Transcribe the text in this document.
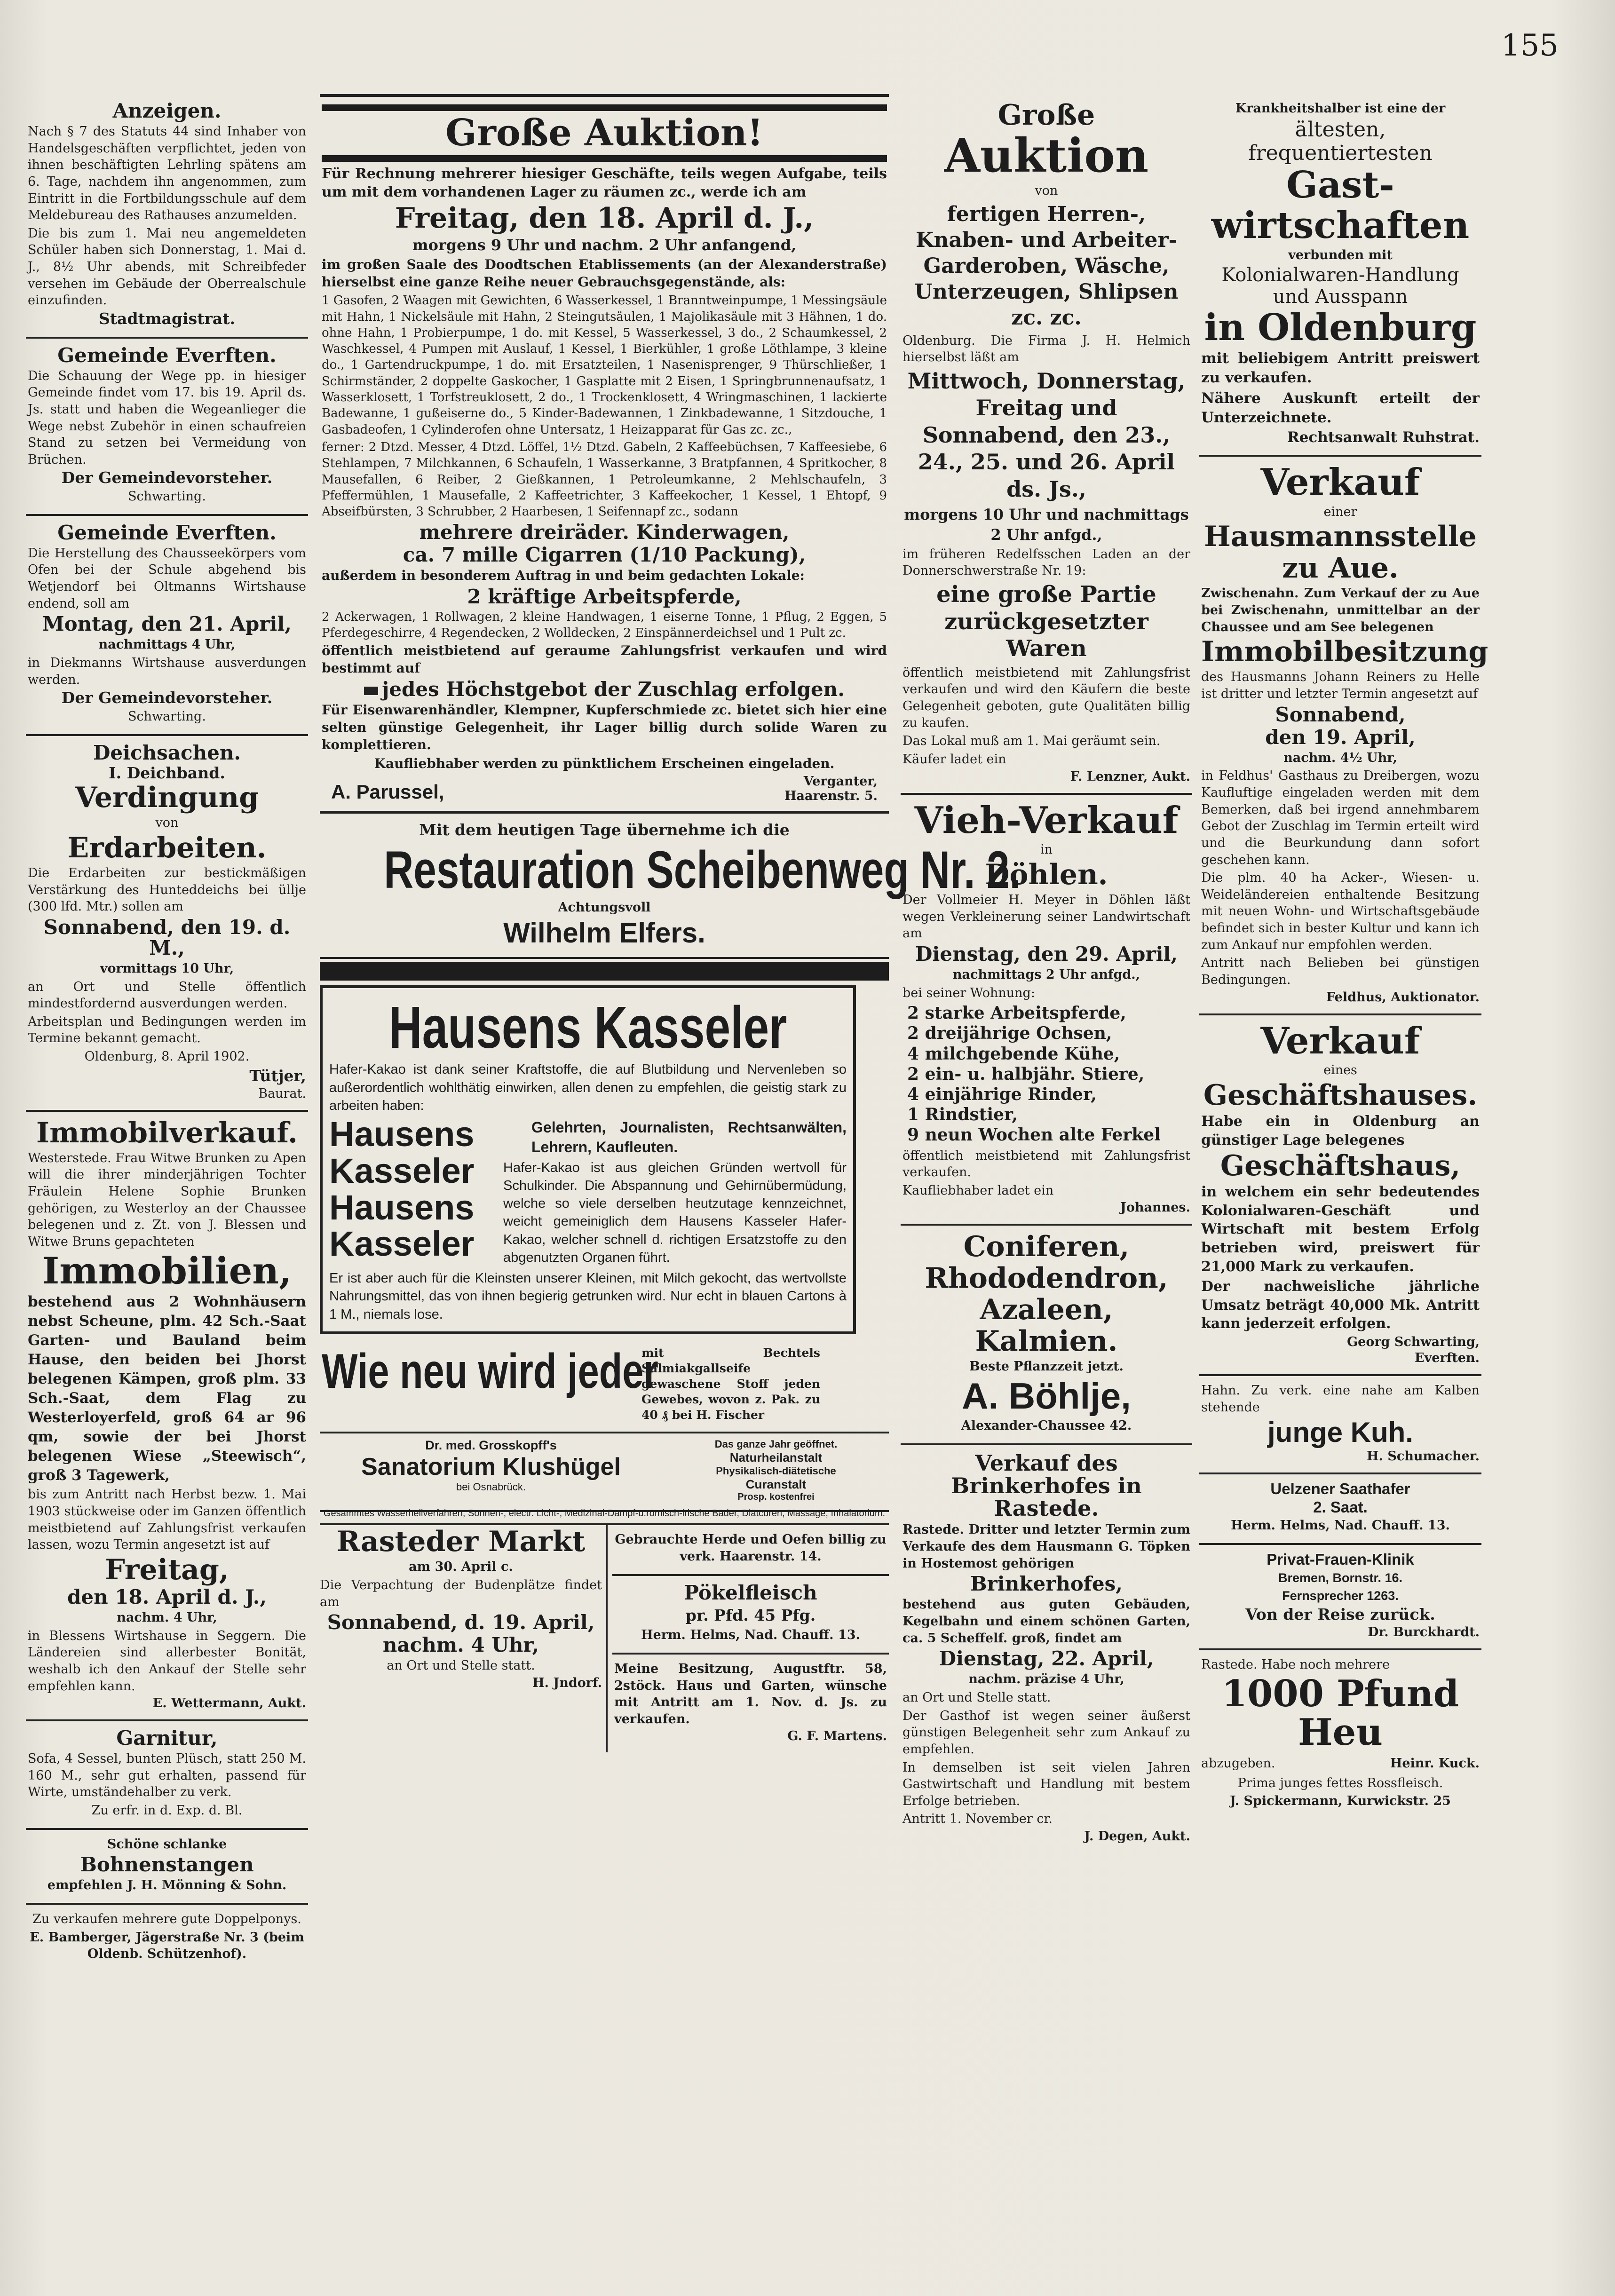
155
Anzeigen.

Nach § 7 des Statuts 44 sind Inhaber von Handelsgeschäften verpflichtet, jeden von ihnen beschäftigten Lehrling spätens am 6. Tage, nachdem ihn angenommen, zum Eintritt in die Fortbildungsschule auf dem Meldebureau des Rathauses anzumelden.

Die bis zum 1. Mai neu angemeldeten Schüler haben sich Donnerstag, 1. Mai d. J., 8½ Uhr abends, mit Schreibfeder versehen im Gebäude der Oberrealschule einzufinden.

Stadtmagistrat.
Gemeinde Everften.

Die Schauung der Wege pp. in hiesiger Gemeinde findet vom 17. bis 19. April ds. Js. statt und haben die Wegeanlieger die Wege nebst Zubehör in einen schaufreien Stand zu setzen bei Vermeidung von Brüchen.

Der Gemeindevorsteher.
Schwarting.
Gemeinde Everften.

Die Herstellung des Chausseekörpers vom Ofen bei der Schule abgehend bis Wetjendorf bei Oltmanns Wirtshause endend, soll am

Montag, den 21. April,
nachmittags 4 Uhr,

in Diekmanns Wirtshause ausverdungen werden.

Der Gemeindevorsteher.
Schwarting.
Deichsachen.
I. Deichband.
Verdingung
von
Erdarbeiten.

Die Erdarbeiten zur bestickmäßigen Verstärkung des Hunteddeichs bei üllje (300 lfd. Mtr.) sollen am

Sonnabend, den 19. d. M.,
vormittags 10 Uhr,

an Ort und Stelle öffentlich mindestfordernd ausverdungen werden.

Arbeitsplan und Bedingungen werden im Termine bekannt gemacht.

Oldenburg, 8. April 1902.
Tütjer,
Baurat.
Immobilverkauf.

Westerstede. Frau Witwe Brunken zu Apen will die ihrer minderjährigen Tochter Fräulein Helene Sophie Brunken gehörigen, zu Westerloy an der Chaussee belegenen und z. Zt. von J. Blessen und Witwe Bruns gepachteten

Immobilien,

bestehend aus 2 Wohnhäusern nebst Scheune, plm. 42 Sch.-Saat Garten- und Bauland beim Hause, den beiden bei Jhorst belegenen Kämpen, groß plm. 33 Sch.-Saat, dem Flag zu Westerloyerfeld, groß 64 ar 96 qm, sowie der bei Jhorst belegenen Wiese „Steewisch“, groß 3 Tagewerk,

bis zum Antritt nach Herbst bezw. 1. Mai 1903 stückweise oder im Ganzen öffentlich meistbietend auf Zahlungsfrist verkaufen lassen, wozu Termin angesetzt ist auf

Freitag,
den 18. April d. J.,
nachm. 4 Uhr,

in Blessens Wirtshause in Seggern. Die Ländereien sind allerbester Bonität, weshalb ich den Ankauf der Stelle sehr empfehlen kann.

E. Wettermann, Aukt.
Garnitur,

Sofa, 4 Sessel, bunten Plüsch, statt 250 M. 160 M., sehr gut erhalten, passend für Wirte, umständehalber zu verk.

Zu erfr. in d. Exp. d. Bl.
Schöne schlanke
Bohnenstangen
empfehlen J. H. Mönning & Sohn.
Zu verkaufen mehrere gute Doppelponys.
E. Bamberger, Jägerstraße Nr. 3 (beim Oldenb. Schützenhof).
Große Auktion!

Für Rechnung mehrerer hiesiger Geschäfte, teils wegen Aufgabe, teils um mit dem vorhandenen Lager zu räumen zc., werde ich am

Freitag, den 18. April d. J.,
morgens 9 Uhr und nachm. 2 Uhr anfangend,

im großen Saale des Doodtschen Etablissements (an der Alexanderstraße) hierselbst eine ganze Reihe neuer Gebrauchsgegenstände, als:

1 Gasofen, 2 Waagen mit Gewichten, 6 Wasserkessel, 1 Branntweinpumpe, 1 Messingsäule mit Hahn, 1 Nickelsäule mit Hahn, 2 Steingutsäulen, 1 Majolikasäule mit 3 Hähnen, 1 do. ohne Hahn, 1 Probierpumpe, 1 do. mit Kessel, 5 Wasserkessel, 3 do., 2 Schaumkessel, 2 Waschkessel, 4 Pumpen mit Auslauf, 1 Kessel, 1 Bierkühler, 1 große Löthlampe, 3 kleine do., 1 Gartendruckpumpe, 1 do. mit Ersatzteilen, 1 Nasenisprenger, 9 Thürschließer, 1 Schirmständer, 2 doppelte Gaskocher, 1 Gasplatte mit 2 Eisen, 1 Springbrunnenaufsatz, 1 Wasserklosett, 1 Torfstreuklosett, 2 do., 1 Trockenklosett, 4 Wringmaschinen, 1 lackierte Badewanne, 1 gußeiserne do., 5 Kinder-Badewannen, 1 Zinkbadewanne, 1 Sitzdouche, 1 Gasbadeofen, 1 Cylinderofen ohne Untersatz, 1 Heizapparat für Gas zc. zc.,

ferner: 2 Dtzd. Messer, 4 Dtzd. Löffel, 1½ Dtzd. Gabeln, 2 Kaffeebüchsen, 7 Kaffeesiebe, 6 Stehlampen, 7 Milchkannen, 6 Schaufeln, 1 Wasserkanne, 3 Bratpfannen, 4 Spritkocher, 8 Mausefallen, 6 Reiber, 2 Gießkannen, 1 Petroleumkanne, 2 Mehlschaufeln, 3 Pfeffermühlen, 1 Mausefalle, 2 Kaffeetrichter, 3 Kaffeekocher, 1 Kessel, 1 Ehtopf, 9 Abseifbürsten, 3 Schrubber, 2 Haarbesen, 1 Seifennapf zc., sodann

mehrere dreiräder. Kinderwagen,
ca. 7 mille Cigarren (1/10 Packung),

außerdem in besonderem Auftrag in und beim gedachten Lokale:

2 kräftige Arbeitspferde,

2 Ackerwagen, 1 Rollwagen, 2 kleine Handwagen, 1 eiserne Tonne, 1 Pflug, 2 Eggen, 5 Pferdegeschirre, 4 Regendecken, 2 Wolldecken, 2 Einspännerdeichsel und 1 Pult zc.

öffentlich meistbietend auf geraume Zahlungsfrist verkaufen und wird bestimmt auf

jedes Höchstgebot der Zuschlag erfolgen.

Für Eisenwarenhändler, Klempner, Kupferschmiede zc. bietet sich hier eine selten günstige Gelegenheit, ihr Lager billig durch solide Waren zu komplettieren.

Kaufliebhaber werden zu pünktlichem Erscheinen eingeladen.

A. Parussel,	Verganter,
Haarenstr. 5.
Mit dem heutigen Tage übernehme ich die
Restauration Scheibenweg Nr. 2.
Achtungsvoll
Wilhelm Elfers.
Hausens Kasseler

Hafer-Kakao ist dank seiner Kraftstoffe, die auf Blutbildung und Nervenleben so außerordentlich wohlthätig einwirken, allen denen zu empfehlen, die geistig stark zu arbeiten haben:

Hausens
Kasseler
Hausens
Kasseler

Gelehrten, Journalisten, Rechtsanwälten, Lehrern, Kaufleuten.

Hafer-Kakao ist aus gleichen Gründen wertvoll für Schulkinder. Die Abspannung und Gehirnübermüdung, welche so viele derselben heutzutage kennzeichnet, weicht gemeiniglich dem Hausens Kasseler Hafer-Kakao, welcher schnell d. richtigen Ersatzstoffe zu den abgenutzten Organen führt.

Er ist aber auch für die Kleinsten unserer Kleinen, mit Milch gekocht, das wertvollste Nahrungsmittel, das von ihnen begierig getrunken wird. Nur echt in blauen Cartons à 1 M., niemals lose.

Wie neu wird jeder

mit Bechtels Salmiakgallseife gewaschene Stoff jeden Gewebes, wovon z. Pak. zu 40 ₰ bei H. Fischer

Dr. med. Grosskopff's
Sanatorium Klushügel
bei Osnabrück.
Das ganze Jahr geöffnet.
Naturheilanstalt
Physikalisch-diätetische
Curanstalt
Prosp. kostenfrei
Gesammtes Wasserheilverfahren, Sonnen-, electr. Licht-, Medizinal-Dampf-u.römisch-irische Bäder, Diätcuren, Massage, Inhalatorium.
Rasteder Markt
am 30. April c.

Die Verpachtung der Budenplätze findet am

Sonnabend, d. 19. April,
nachm. 4 Uhr,
an Ort und Stelle statt.
H. Jndorf.

Gebrauchte Herde und Oefen billig zu verk. Haarenstr. 14.

Pökelfleisch
pr. Pfd. 45 Pfg.
Herm. Helms, Nad. Chauff. 13.

Meine Besitzung, Augustftr. 58, 2stöck. Haus und Garten, wünsche mit Antritt am 1. Nov. d. Js. zu verkaufen.

G. F. Martens.
Große
Auktion
von
fertigen Herren-, Knaben- und Arbeiter-Garderoben, Wäsche, Unterzeugen, Shlipsen zc. zc.

Oldenburg. Die Firma J. H. Helmich hierselbst läßt am

Mittwoch, Donnerstag, Freitag und Sonnabend, den 23., 24., 25. und 26. April ds. Js.,
morgens 10 Uhr und nachmittags 2 Uhr anfgd.,

im früheren Redelfsschen Laden an der Donnerschwerstraße Nr. 19:

eine große Partie zurückgesetzter Waren

öffentlich meistbietend mit Zahlungsfrist verkaufen und wird den Käufern die beste Gelegenheit geboten, gute Qualitäten billig zu kaufen.

Das Lokal muß am 1. Mai geräumt sein.

Käufer ladet ein

F. Lenzner, Aukt.
Vieh-Verkauf
in
Döhlen.

Der Vollmeier H. Meyer in Döhlen läßt wegen Verkleinerung seiner Landwirtschaft am

Dienstag, den 29. April,
nachmittags 2 Uhr anfgd.,

bei seiner Wohnung:

2 starke Arbeitspferde,
2 dreijährige Ochsen,
4 milchgebende Kühe,
2 ein- u. halbjähr. Stiere,
4 einjährige Rinder,
1 Rindstier,
9 neun Wochen alte Ferkel

öffentlich meistbietend mit Zahlungsfrist verkaufen.

Kaufliebhaber ladet ein

Johannes.
Coniferen,
Rhododendron,
Azaleen,
Kalmien.
Beste Pflanzzeit jetzt.
A. Böhlje,
Alexander-Chaussee 42.
Verkauf des Brinkerhofes in Rastede.

Rastede. Dritter und letzter Termin zum Verkaufe des dem Hausmann G. Töpken in Hostemost gehörigen

Brinkerhofes,

bestehend aus guten Gebäuden, Kegelbahn und einem schönen Garten, ca. 5 Scheffelf. groß, findet am

Dienstag, 22. April,
nachm. präzise 4 Uhr,

an Ort und Stelle statt.

Der Gasthof ist wegen seiner äußerst günstigen Belegenheit sehr zum Ankauf zu empfehlen.

In demselben ist seit vielen Jahren Gastwirtschaft und Handlung mit bestem Erfolge betrieben.

Antritt 1. November cr.

J. Degen, Aukt.
Krankheitshalber ist eine der
ältesten,
frequentiertesten
Gast-
wirtschaften
verbunden mit
Kolonialwaren-Handlung
und Ausspann
in Oldenburg

mit beliebigem Antritt preiswert zu verkaufen.

Nähere Auskunft erteilt der Unterzeichnete.

Rechtsanwalt Ruhstrat.
Verkauf
einer
Hausmannsstelle
zu Aue.

Zwischenahn. Zum Verkauf der zu Aue bei Zwischenahn, unmittelbar an der Chaussee und am See belegenen

Immobilbesitzung

des Hausmanns Johann Reiners zu Helle ist dritter und letzter Termin angesetzt auf

Sonnabend,
den 19. April,
nachm. 4½ Uhr,

in Feldhus' Gasthaus zu Dreibergen, wozu Kaufluftige eingeladen werden mit dem Bemerken, daß bei irgend annehmbarem Gebot der Zuschlag im Termin erteilt wird und die Beurkundung dann sofort geschehen kann.

Die plm. 40 ha Acker-, Wiesen- u. Weideländereien enthaltende Besitzung mit neuen Wohn- und Wirtschaftsgebäude befindet sich in bester Kultur und kann ich zum Ankauf nur empfohlen werden.

Antritt nach Belieben bei günstigen Bedingungen.

Feldhus, Auktionator.
Verkauf
eines
Geschäftshauses.

Habe ein in Oldenburg an günstiger Lage belegenes

Geschäftshaus,

in welchem ein sehr bedeutendes Kolonialwaren-Geschäft und Wirtschaft mit bestem Erfolg betrieben wird, preiswert für 21,000 Mark zu verkaufen.

Der nachweisliche jährliche Umsatz beträgt 40,000 Mk. Antritt kann jederzeit erfolgen.

Georg Schwarting,
Everften.

Hahn. Zu verk. eine nahe am Kalben stehende

junge Kuh.
H. Schumacher.
Uelzener Saathafer
2. Saat.
Herm. Helms, Nad. Chauff. 13.
Privat-Frauen-Klinik
Bremen, Bornstr. 16.
Fernsprecher 1263.
Von der Reise zurück.
Dr. Burckhardt.

Rastede. Habe noch mehrere

1000 Pfund Heu
abzugeben.	Heinr. Kuck.

Prima junges fettes Rossfleisch.

J. Spickermann, Kurwickstr. 25
